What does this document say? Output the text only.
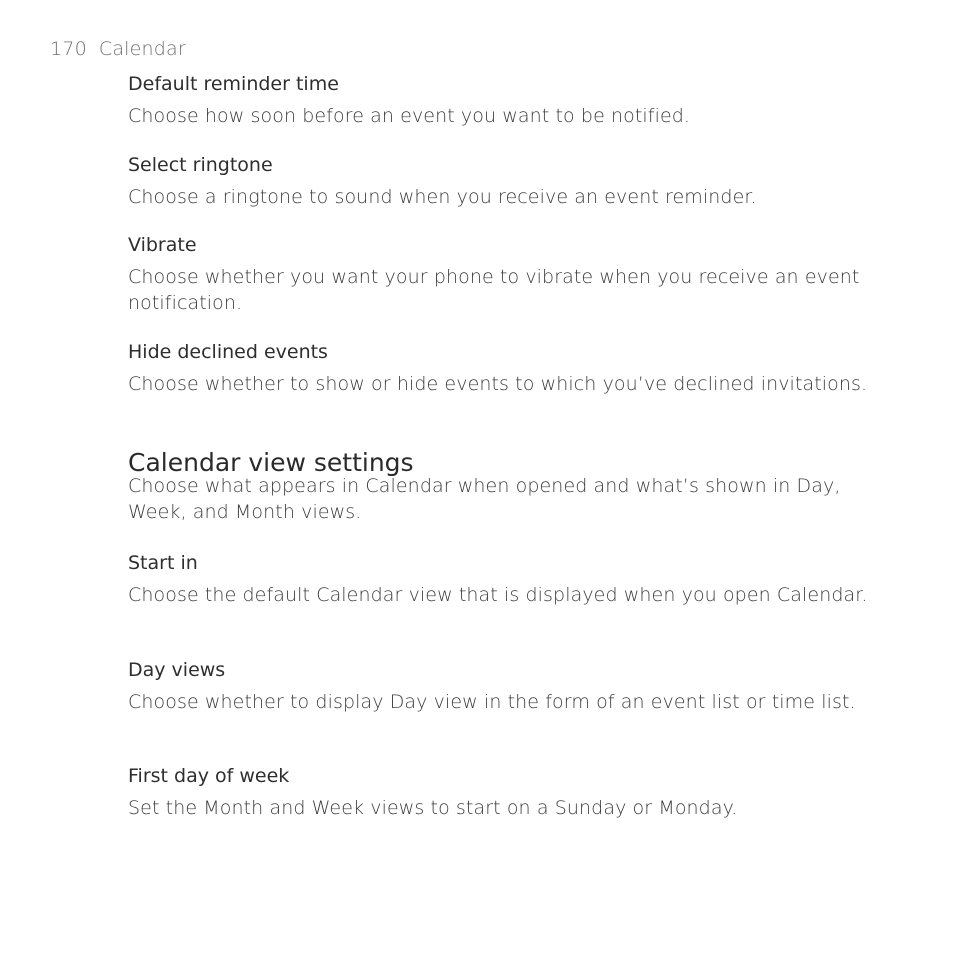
170 Calendar
Default reminder time
Choose how soon before an event you want to be notified.
Select ringtone
Choose a ringtone to sound when you receive an event reminder.
Vibrate
Choose whether you want your phone to vibrate when you receive an event notification.
Hide declined events
Choose whether to show or hide events to which you’ve declined invitations.
Calendar view settings
Choose what appears in Calendar when opened and what’s shown in Day, Week, and Month views.
Start in
Choose the default Calendar view that is displayed when you open Calendar.
Day views
Choose whether to display Day view in the form of an event list or time list.
First day of week
Set the Month and Week views to start on a Sunday or Monday.
